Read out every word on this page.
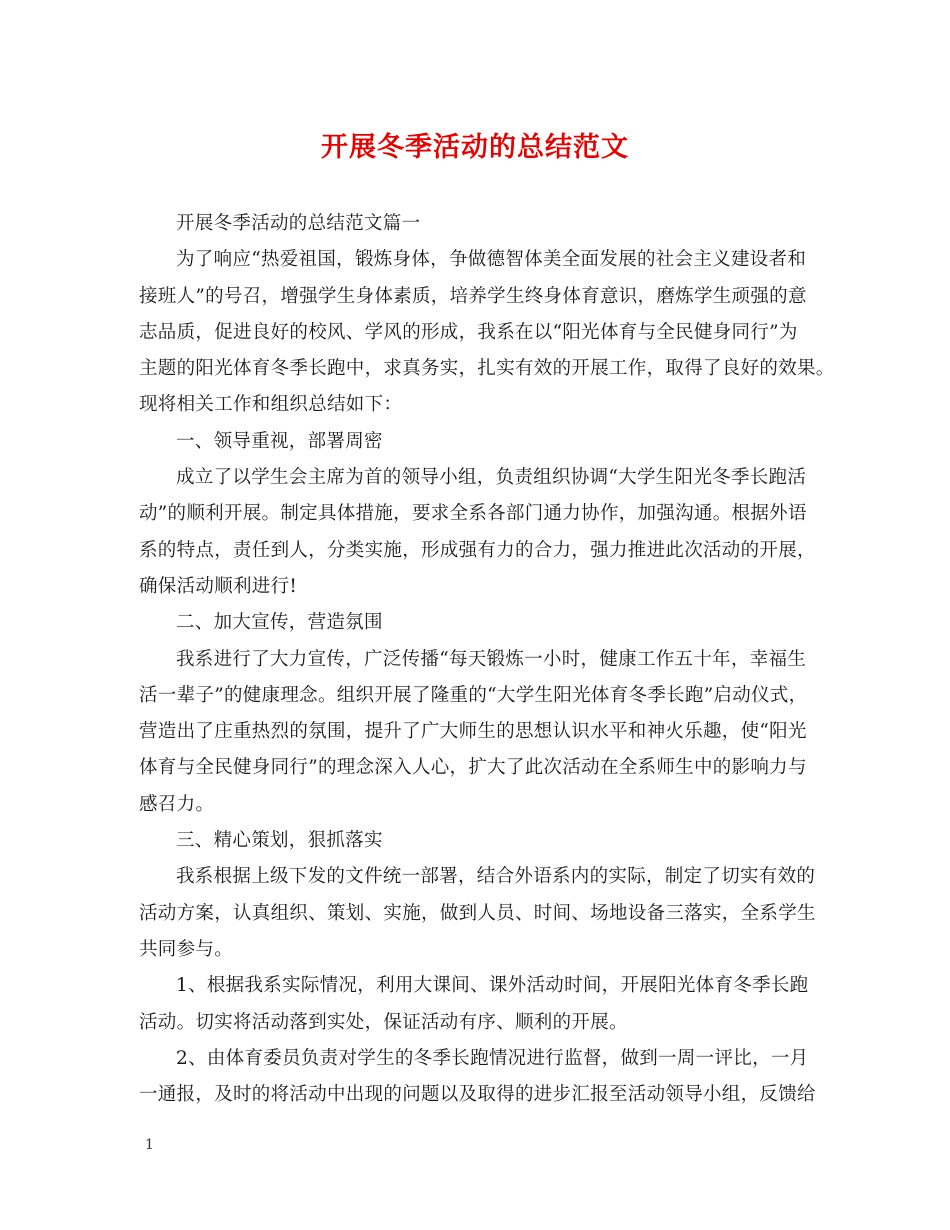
开展冬季活动的总结范文
开展冬季活动的总结范文篇一
为了响应“热爱祖国，锻炼身体，争做德智体美全面发展的社会主义建设者和
接班人”的号召，增强学生身体素质，培养学生终身体育意识，磨炼学生顽强的意
志品质，促进良好的校风、学风的形成，我系在以“阳光体育与全民健身同行”为
主题的阳光体育冬季长跑中，求真务实，扎实有效的开展工作，取得了良好的效果。
现将相关工作和组织总结如下：
一、领导重视，部署周密
成立了以学生会主席为首的领导小组，负责组织协调“大学生阳光冬季长跑活
动”的顺利开展。制定具体措施，要求全系各部门通力协作，加强沟通。根据外语
系的特点，责任到人，分类实施，形成强有力的合力，强力推进此次活动的开展，
确保活动顺利进行!
二、加大宣传，营造氛围
我系进行了大力宣传，广泛传播“每天锻炼一小时，健康工作五十年，幸福生
活一辈子”的健康理念。组织开展了隆重的“大学生阳光体育冬季长跑”启动仪式，
营造出了庄重热烈的氛围，提升了广大师生的思想认识水平和神火乐趣，使“阳光
体育与全民健身同行”的理念深入人心，扩大了此次活动在全系师生中的影响力与
感召力。
三、精心策划，狠抓落实
我系根据上级下发的文件统一部署，结合外语系内的实际，制定了切实有效的
活动方案，认真组织、策划、实施，做到人员、时间、场地设备三落实，全系学生
共同参与。
1、根据我系实际情况，利用大课间、课外活动时间，开展阳光体育冬季长跑
活动。切实将活动落到实处，保证活动有序、顺利的开展。
2、由体育委员负责对学生的冬季长跑情况进行监督，做到一周一评比，一月
一通报，及时的将活动中出现的问题以及取得的进步汇报至活动领导小组，反馈给
1
